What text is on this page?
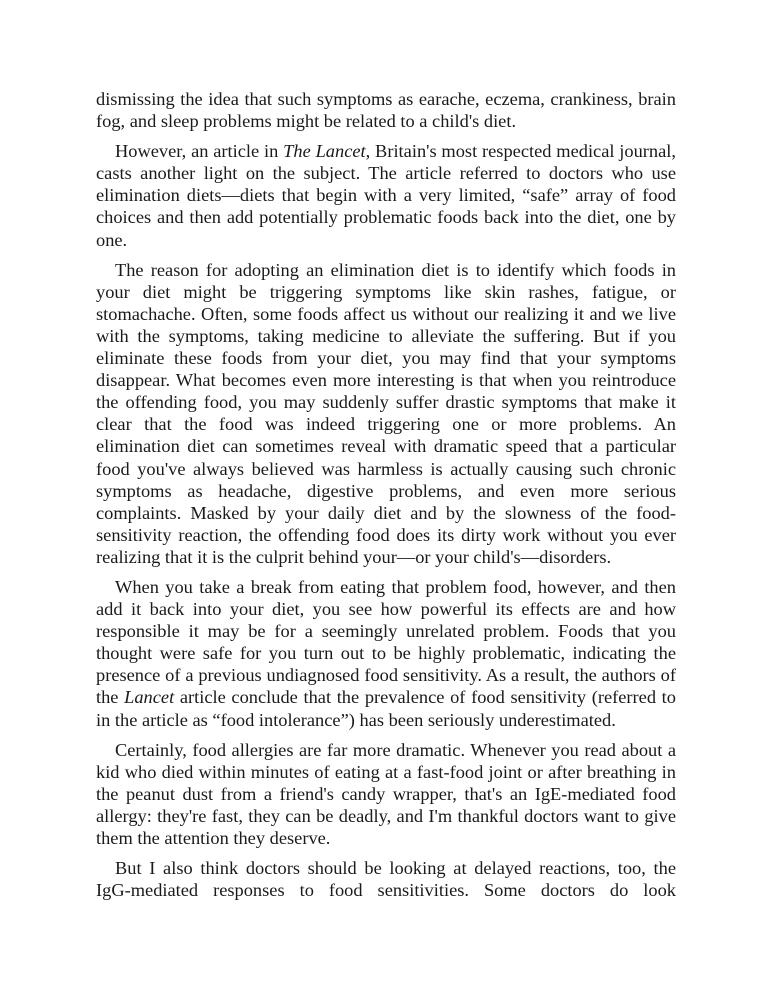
dismissing the idea that such symptoms as earache, eczema, crankiness, brain fog, and sleep problems might be related to a child's diet.

However, an article in The Lancet, Britain's most respected medical journal, casts another light on the subject. The article referred to doctors who use elimination diets—diets that begin with a very limited, “safe” array of food choices and then add potentially problematic foods back into the diet, one by one.

The reason for adopting an elimination diet is to identify which foods in your diet might be triggering symptoms like skin rashes, fatigue, or stomachache. Often, some foods affect us without our realizing it and we live with the symptoms, taking medicine to alleviate the suffering. But if you eliminate these foods from your diet, you may find that your symptoms disappear. What becomes even more interesting is that when you reintroduce the offending food, you may suddenly suffer drastic symptoms that make it clear that the food was indeed triggering one or more problems. An elimination diet can sometimes reveal with dramatic speed that a particular food you've always believed was harmless is actually causing such chronic symptoms as headache, digestive problems, and even more serious complaints. Masked by your daily diet and by the slowness of the food-sensitivity reaction, the offending food does its dirty work without you ever realizing that it is the culprit behind your—or your child's—disorders.

When you take a break from eating that problem food, however, and then add it back into your diet, you see how powerful its effects are and how responsible it may be for a seemingly unrelated problem. Foods that you thought were safe for you turn out to be highly problematic, indicating the presence of a previous undiagnosed food sensitivity. As a result, the authors of the Lancet article conclude that the prevalence of food sensitivity (referred to in the article as “food intolerance”) has been seriously underestimated.

Certainly, food allergies are far more dramatic. Whenever you read about a kid who died within minutes of eating at a fast-food joint or after breathing in the peanut dust from a friend's candy wrapper, that's an IgE-mediated food allergy: they're fast, they can be deadly, and I'm thankful doctors want to give them the attention they deserve.

But I also think doctors should be looking at delayed reactions, too, the IgG-mediated responses to food sensitivities. Some doctors do look
